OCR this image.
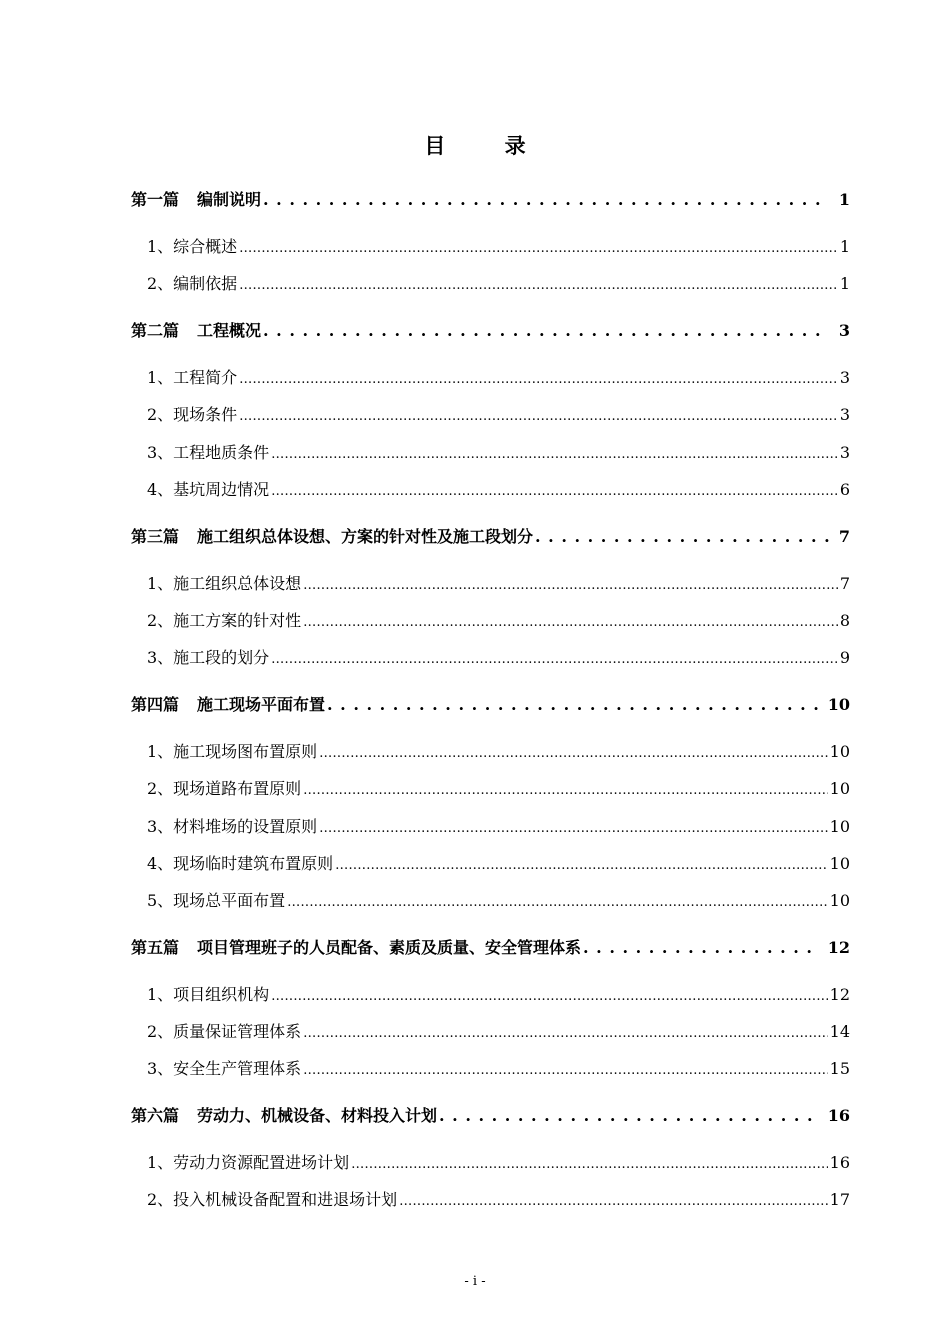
目 录
第一篇 编制说明 . . .	1
1、综合概述 .....	1
2、编制依据 .....	1
第二篇 工程概况 . . .	3
1、工程简介 .....	3
2、现场条件 .....	3
3、工程地质条件 .....	3
4、基坑周边情况 .....	6
第三篇 施工组织总体设想、方案的针对性及施工段划分 . . .	7
1、施工组织总体设想 .....	7
2、施工方案的针对性 .....	8
3、施工段的划分 .....	9
第四篇 施工现场平面布置 . . .	10
1、施工现场图布置原则 .....	10
2、现场道路布置原则 .....	10
3、材料堆场的设置原则 .....	10
4、现场临时建筑布置原则 .....	10
5、现场总平面布置 .....	10
第五篇 项目管理班子的人员配备、素质及质量、安全管理体系 . . .	12
1、项目组织机构 .....	12
2、质量保证管理体系 .....	14
3、安全生产管理体系 .....	15
第六篇 劳动力、机械设备、材料投入计划 . . .	16
1、劳动力资源配置进场计划 .....	16
2、投入机械设备配置和进退场计划 .....	17
- i -
